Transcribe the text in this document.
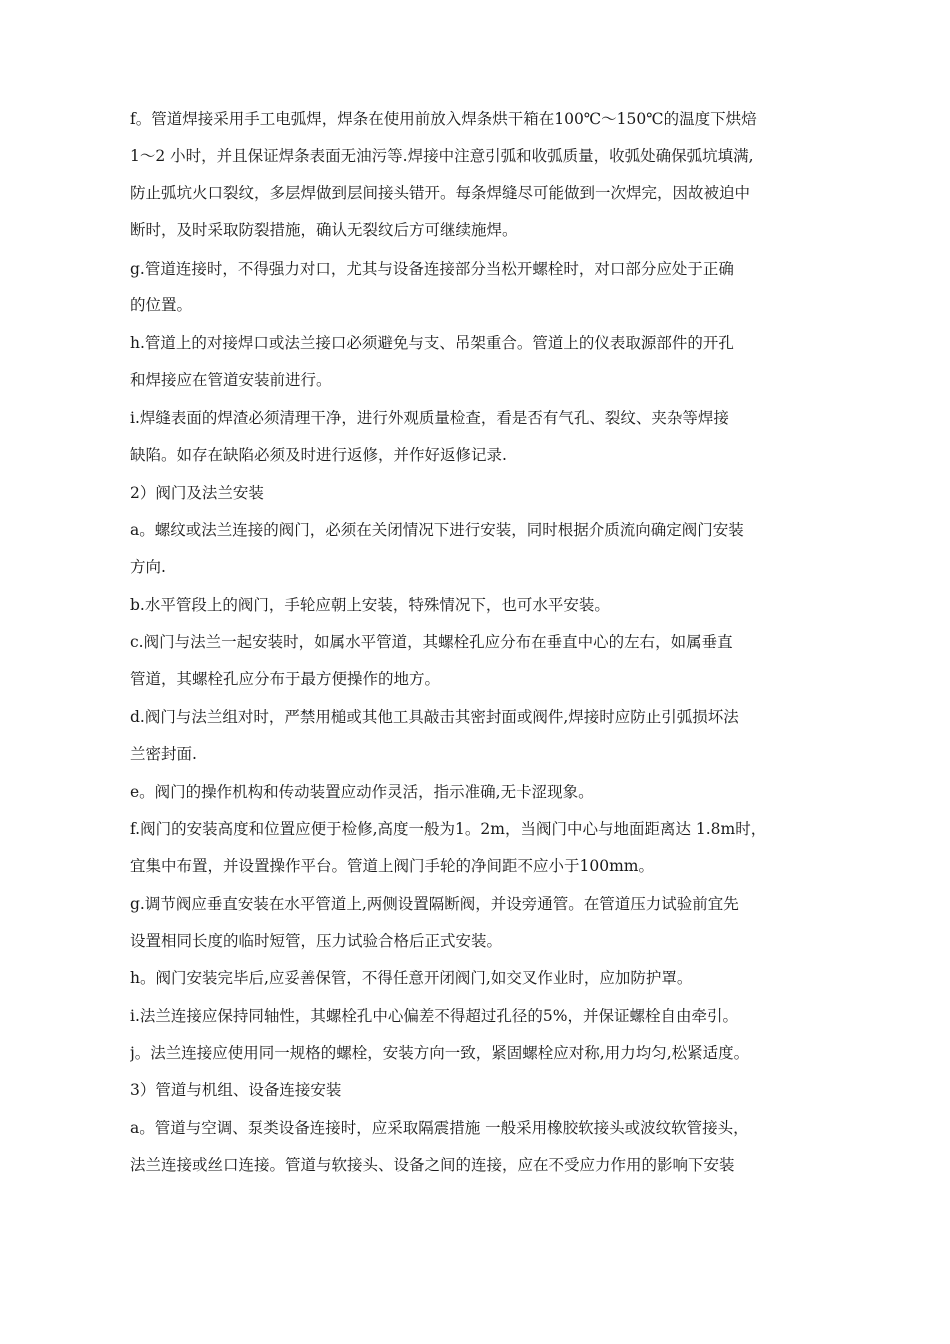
f。管道焊接采用手工电弧焊，焊条在使用前放入焊条烘干箱在100℃～150℃的温度下烘焙
1～2 小时，并且保证焊条表面无油污等.焊接中注意引弧和收弧质量，收弧处确保弧坑填满,
防止弧坑火口裂纹，多层焊做到层间接头错开。每条焊缝尽可能做到一次焊完，因故被迫中
断时，及时采取防裂措施，确认无裂纹后方可继续施焊。
g.管道连接时，不得强力对口，尤其与设备连接部分当松开螺栓时，对口部分应处于正确
的位置。
h.管道上的对接焊口或法兰接口必须避免与支、吊架重合。管道上的仪表取源部件的开孔
和焊接应在管道安装前进行。
i.焊缝表面的焊渣必须清理干净，进行外观质量检查，看是否有气孔、裂纹、夹杂等焊接
缺陷。如存在缺陷必须及时进行返修，并作好返修记录.
2）阀门及法兰安装
a。螺纹或法兰连接的阀门，必须在关闭情况下进行安装，同时根据介质流向确定阀门安装
方向.
b.水平管段上的阀门，手轮应朝上安装，特殊情况下，也可水平安装。
c.阀门与法兰一起安装时，如属水平管道，其螺栓孔应分布在垂直中心的左右，如属垂直
管道，其螺栓孔应分布于最方便操作的地方。
d.阀门与法兰组对时，严禁用槌或其他工具敲击其密封面或阀件,焊接时应防止引弧损坏法
兰密封面.
e。阀门的操作机构和传动装置应动作灵活，指示准确,无卡涩现象。
f.阀门的安装高度和位置应便于检修,高度一般为1。2m，当阀门中心与地面距离达 1.8m时，
宜集中布置，并设置操作平台。管道上阀门手轮的净间距不应小于100mm。
g.调节阀应垂直安装在水平管道上,两侧设置隔断阀，并设旁通管。在管道压力试验前宜先
设置相同长度的临时短管，压力试验合格后正式安装。
h。阀门安装完毕后,应妥善保管，不得任意开闭阀门,如交叉作业时，应加防护罩。
i.法兰连接应保持同轴性，其螺栓孔中心偏差不得超过孔径的5%，并保证螺栓自由牵引。
j。法兰连接应使用同一规格的螺栓，安装方向一致，紧固螺栓应对称,用力均匀,松紧适度。
3）管道与机组、设备连接安装
a。管道与空调、泵类设备连接时，应采取隔震措施 一般采用橡胶软接头或波纹软管接头，
法兰连接或丝口连接。管道与软接头、设备之间的连接，应在不受应力作用的影响下安装
